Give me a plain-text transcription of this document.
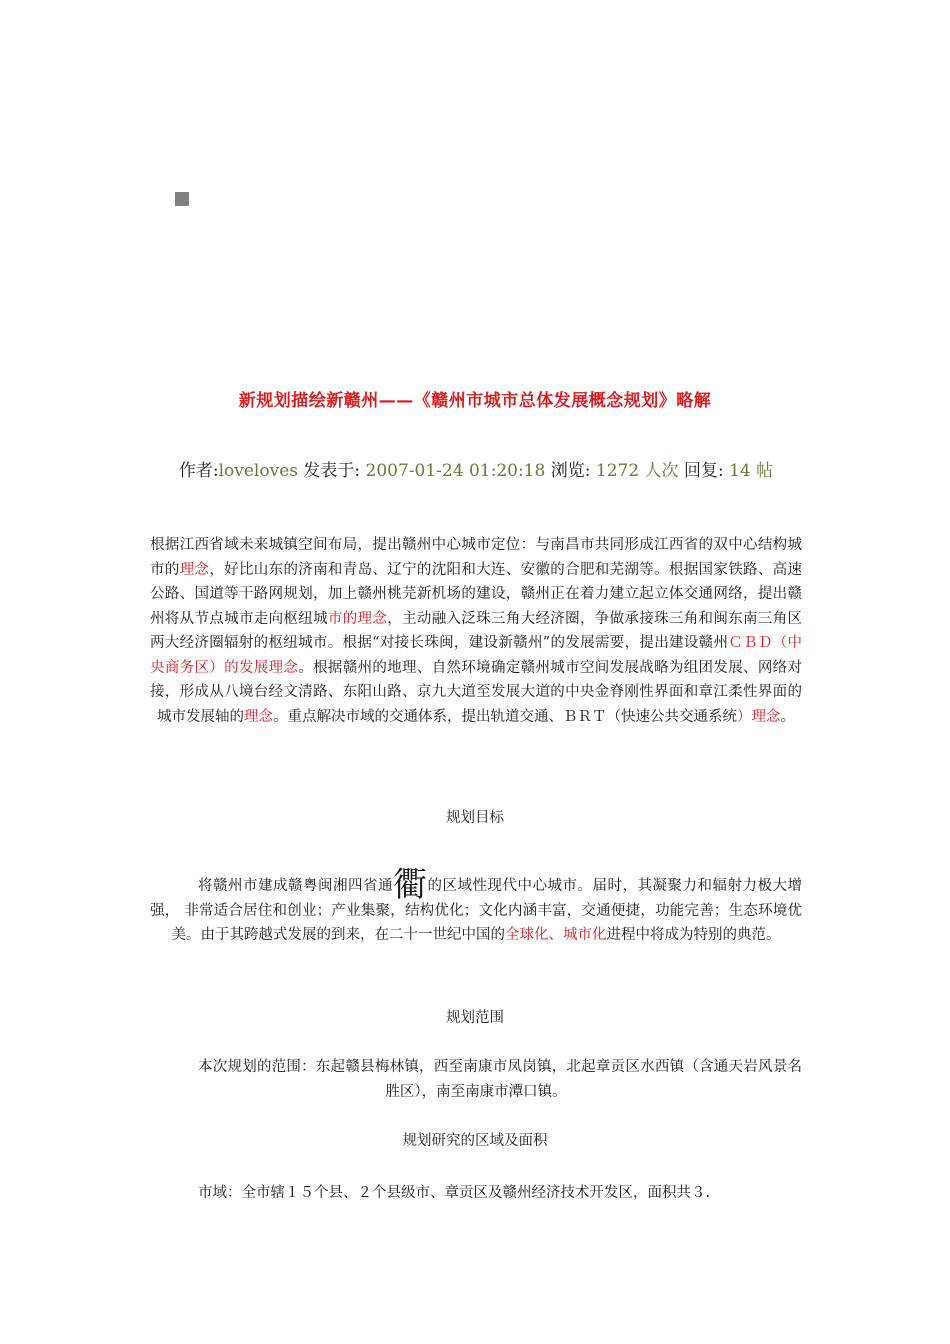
新规划描绘新赣州——《赣州市城市总体发展概念规划》略解
作者:loveloves 发表于: 2007-01-24 01:20:18 浏览: 1272 人次 回复: 14 帖
根据江西省域未来城镇空间布局，提出赣州中心城市定位：与南昌市共同形成江西省的双中心结构城市的理念，好比山东的济南和青岛、辽宁的沈阳和大连、安徽的合肥和芜湖等。根据国家铁路、高速公路、国道等干路网规划，加上赣州桃芫新机场的建设，赣州正在着力建立起立体交通网络，提出赣州将从节点城市走向枢纽城市的理念，主动融入泛珠三角大经济圈，争做承接珠三角和闽东南三角区两大经济圈辐射的枢纽城市。根据“对接长珠闽，建设新赣州”的发展需要，提出建设赣州ＣＢＤ（中央商务区）的发展理念。根据赣州的地理、自然环境确定赣州城市空间发展战略为组团发展、网络对接，形成从八境台经文清路、东阳山路、京九大道至发展大道的中央金脊刚性界面和章江柔性界面的城市发展轴的理念。重点解决市域的交通体系，提出轨道交通、ＢＲＴ（快速公共交通系统）理念。
规划目标
将赣州市建成赣粤闽湘四省通衢的区域性现代中心城市。届时，其凝聚力和辐射力极大增强， 非常适合居住和创业；产业集聚，结构优化；文化内涵丰富，交通便捷，功能完善；生态环境优美。由于其跨越式发展的到来，在二十一世纪中国的全球化、城市化进程中将成为特别的典范。
规划范围
本次规划的范围：东起赣县梅林镇，西至南康市凤岗镇，北起章贡区水西镇（含通天岩风景名胜区），南至南康市潭口镇。
规划研究的区域及面积
市域：全市辖１５个县、２个县级市、章贡区及赣州经济技术开发区，面积共３.
